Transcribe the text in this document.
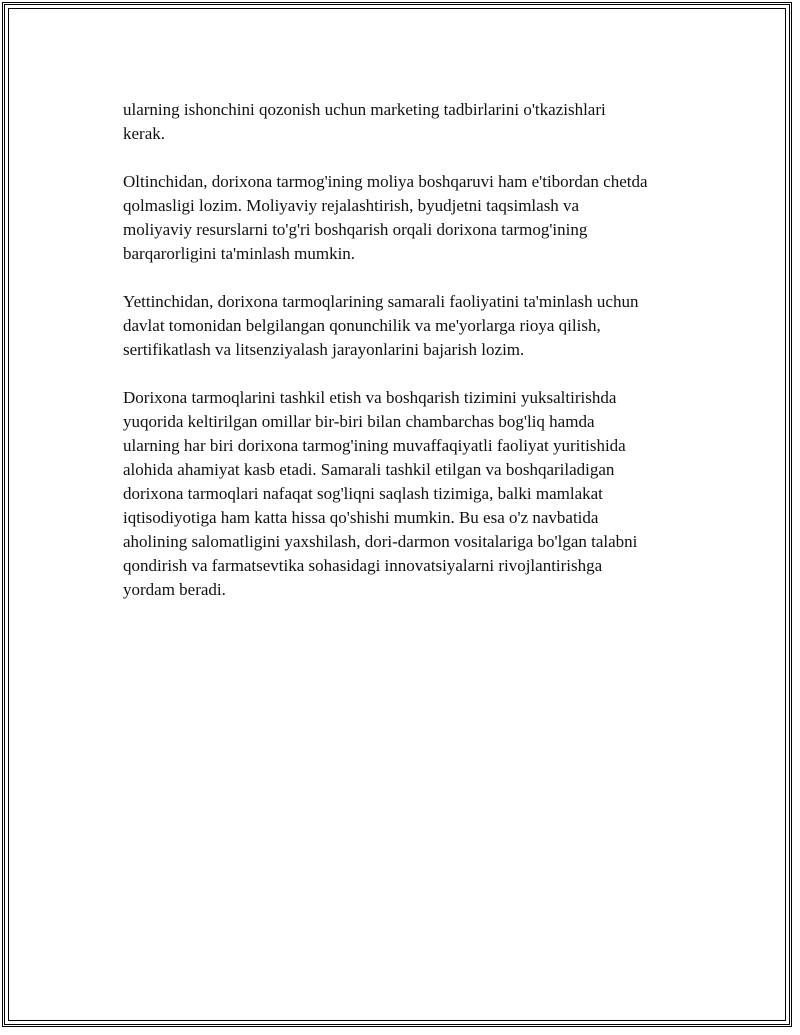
ularning ishonchini qozonish uchun marketing tadbirlarini o'tkazishlari
kerak.

Oltinchidan, dorixona tarmog'ining moliya boshqaruvi ham e'tibordan chetda
qolmasligi lozim. Moliyaviy rejalashtirish, byudjetni taqsimlash va
moliyaviy resurslarni to'g'ri boshqarish orqali dorixona tarmog'ining
barqarorligini ta'minlash mumkin.

Yettinchidan, dorixona tarmoqlarining samarali faoliyatini ta'minlash uchun
davlat tomonidan belgilangan qonunchilik va me'yorlarga rioya qilish,
sertifikatlash va litsenziyalash jarayonlarini bajarish lozim.

Dorixona tarmoqlarini tashkil etish va boshqarish tizimini yuksaltirishda
yuqorida keltirilgan omillar bir-biri bilan chambarchas bog'liq hamda
ularning har biri dorixona tarmog'ining muvaffaqiyatli faoliyat yuritishida
alohida ahamiyat kasb etadi. Samarali tashkil etilgan va boshqariladigan
dorixona tarmoqlari nafaqat sog'liqni saqlash tizimiga, balki mamlakat
iqtisodiyotiga ham katta hissa qo'shishi mumkin. Bu esa o'z navbatida
aholining salomatligini yaxshilash, dori-darmon vositalariga bo'lgan talabni
qondirish va farmatsevtika sohasidagi innovatsiyalarni rivojlantirishga
yordam beradi.
